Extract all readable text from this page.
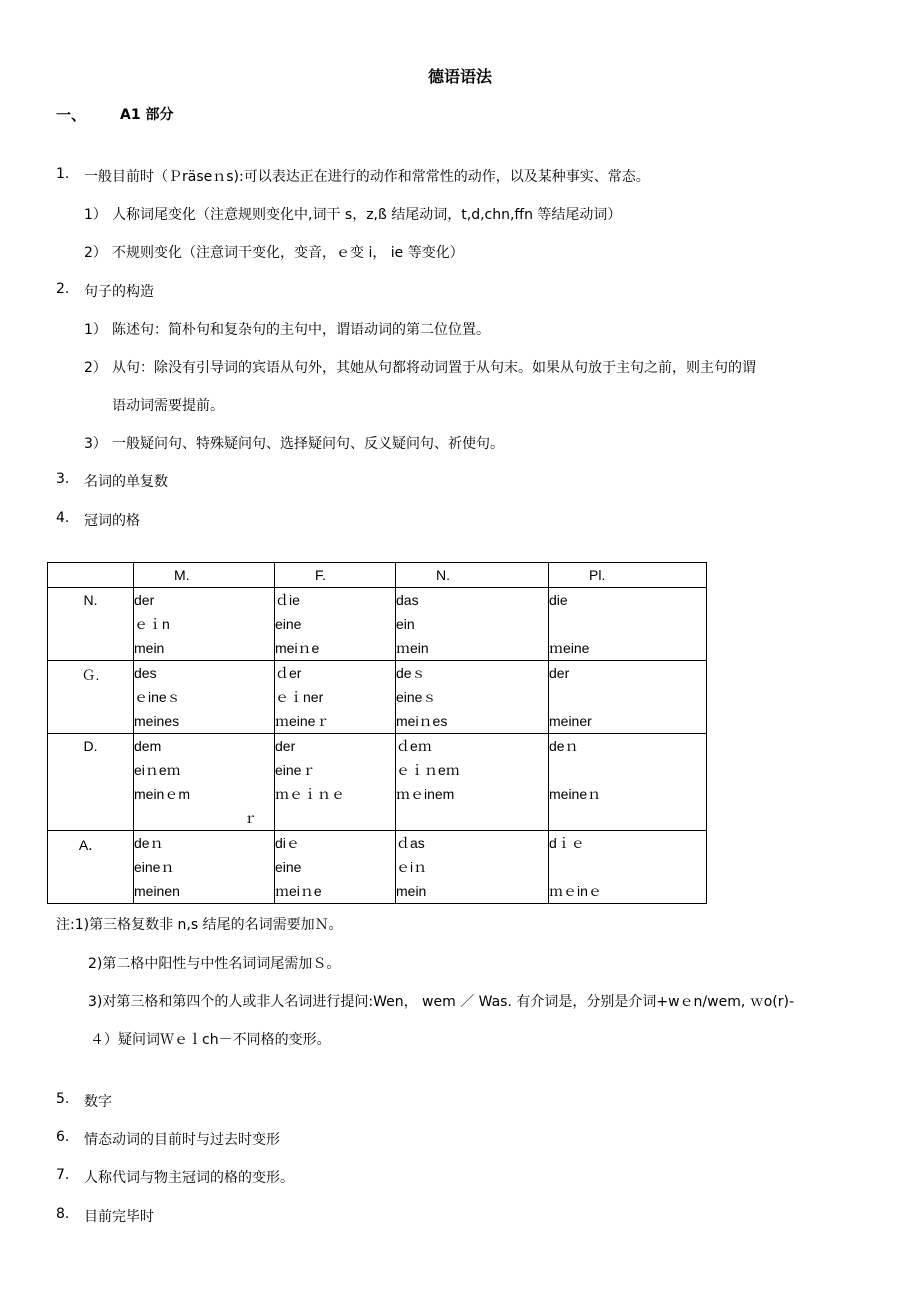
德语语法
一、 A1 部分
1. 一般目前时（Ｐräseｎs):可以表达正在进行的动作和常常性的动作，以及某种事实、常态。
1） 人称词尾变化（注意规则变化中,词干 s，z,ß 结尾动词，t,d,chn,ffn 等结尾动词）
2） 不规则变化（注意词干变化，变音，ｅ变 i， ie 等变化）
2. 句子的构造
1） 陈述句：简朴句和复杂句的主句中，谓语动词的第二位位置。
2） 从句：除没有引导词的宾语从句外，其她从句都将动词置于从句末。如果从句放于主句之前，则主句的谓
语动词需要提前。
3） 一般疑问句、特殊疑问句、选择疑问句、反义疑问句、祈使句。
3. 名词的单复数
4. 冠词的格
	M.	F.	N.	Pl.
N.	der
ｅｉn
mein	ｄie
eine
meiｎe	das
ein
ｍein	die
ｍeine

Ｇ.	des
ｅineｓ
meines	ｄer
ｅｉner
ｍeineｒ	deｓ
eineｓ
meiｎes	der
meiner

D.	dem
eiｎeｍ
meinｅm	der
eineｒ
ｍｅｉｎｅ
ｒ	ｄeｍ
ｅｉｎeｍ
ｍｅinem	deｎ
meineｎ

A．	deｎ
eineｎ
meinen	diｅ
eine
ｍeiｎe	ｄas
ｅiｎ
mein	dｉｅ
ｍｅinｅ
注:1)第三格复数非 n,s 结尾的名词需要加Ｎ。
2)第二格中阳性与中性名词词尾需加Ｓ。
3)对第三格和第四个的人或非人名词进行提问:Wen， wem ／ Was. 有介词是，分别是介词+wｅn/wem, ｗo(r)-
４）疑问词Ｗｅｌch－不同格的变形。
5. 数字
6. 情态动词的目前时与过去时变形
7. 人称代词与物主冠词的格的变形。
8. 目前完毕时
